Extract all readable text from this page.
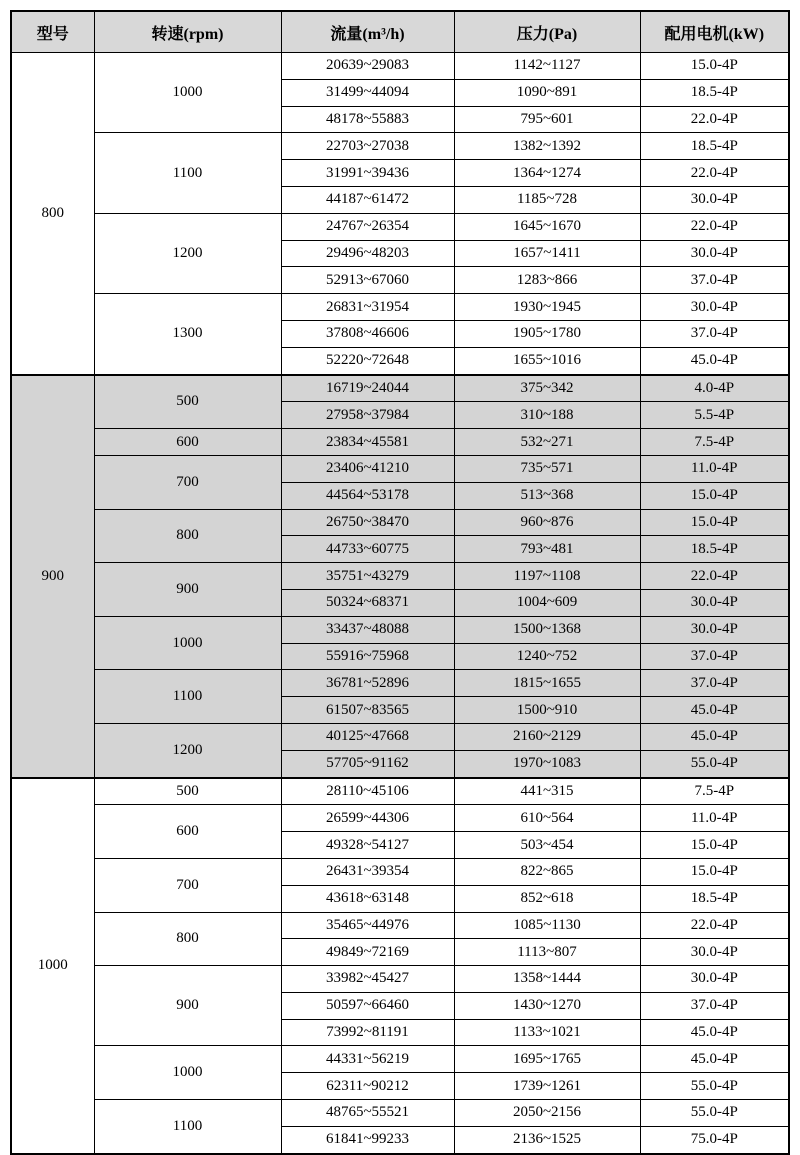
型号	转速(rpm)	流量(m³/h)	压力(Pa)	配用电机(kW)
800	1000	20639~29083	1142~1127	15.0-4P
		31499~44094	1090~891	18.5-4P
		48178~55883	795~601	22.0-4P
	1100	22703~27038	1382~1392	18.5-4P
		31991~39436	1364~1274	22.0-4P
		44187~61472	1185~728	30.0-4P
	1200	24767~26354	1645~1670	22.0-4P
		29496~48203	1657~1411	30.0-4P
		52913~67060	1283~866	37.0-4P
	1300	26831~31954	1930~1945	30.0-4P
		37808~46606	1905~1780	37.0-4P
		52220~72648	1655~1016	45.0-4P
900	500	16719~24044	375~342	4.0-4P
		27958~37984	310~188	5.5-4P
	600	23834~45581	532~271	7.5-4P
	700	23406~41210	735~571	11.0-4P
		44564~53178	513~368	15.0-4P
	800	26750~38470	960~876	15.0-4P
		44733~60775	793~481	18.5-4P
	900	35751~43279	1197~1108	22.0-4P
		50324~68371	1004~609	30.0-4P
	1000	33437~48088	1500~1368	30.0-4P
		55916~75968	1240~752	37.0-4P
	1100	36781~52896	1815~1655	37.0-4P
		61507~83565	1500~910	45.0-4P
	1200	40125~47668	2160~2129	45.0-4P
		57705~91162	1970~1083	55.0-4P
1000	500	28110~45106	441~315	7.5-4P
	600	26599~44306	610~564	11.0-4P
		49328~54127	503~454	15.0-4P
	700	26431~39354	822~865	15.0-4P
		43618~63148	852~618	18.5-4P
	800	35465~44976	1085~1130	22.0-4P
		49849~72169	1113~807	30.0-4P
	900	33982~45427	1358~1444	30.0-4P
		50597~66460	1430~1270	37.0-4P
		73992~81191	1133~1021	45.0-4P
	1000	44331~56219	1695~1765	45.0-4P
		62311~90212	1739~1261	55.0-4P
	1100	48765~55521	2050~2156	55.0-4P
		61841~99233	2136~1525	75.0-4P
